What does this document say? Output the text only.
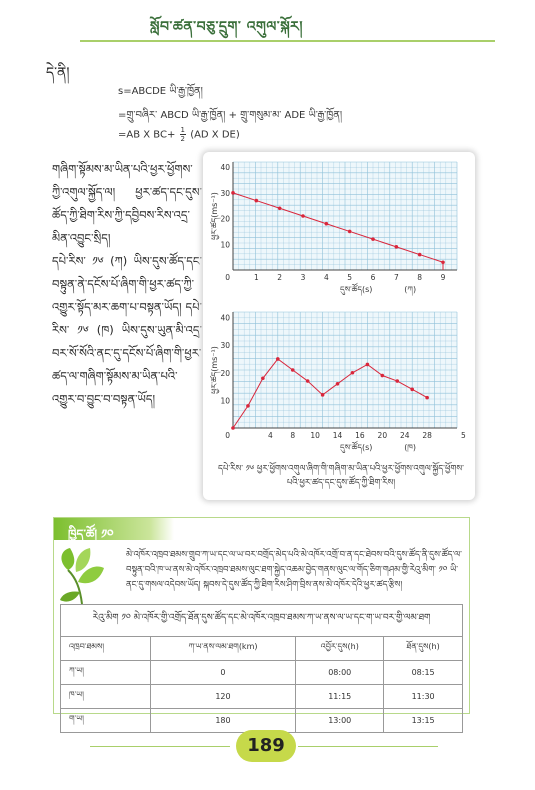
སློབ་ཚན་བཅུ་དྲུག་ འགུལ་སྐོར།
དེ་ནི།
s=ABCDE ཡི་རྒྱ་ཁྱོན།
=གྲུ་བཞིར་ ABCD ཡི་རྒྱ་ཁྱོན། + གྲུ་གསུམ་མ་ ADE ཡི་རྒྱ་ཁྱོན།
=AB X $BC+ \frac{1}{2} (AD$ X DE)

གཞིག་སྟོམས་མ་ཡིན་པའི་ཕྱར་ཕྱོགས་ཀྱི་འགུལ་སྐྱོད་ལ། ཕྱར་ཚད་དང་དུས་ཚོད་ཀྱི་ཐིག་རིས་ཀྱི་དབྱིབས་རིས་འདྲ་མིན་འབྱུང་སྲིད།

དཔེ་རིས་ ༡༦ (ཀ) ཡིས་དུས་ཚོད་དང་བསྟུན་ནེ་དངོས་པོ་ཞིག་གི་ཕྱར་ཚད་ཀྱི་འགྱུར་སྟོད་མར་ཆག་པ་བསྟན་ཡོད། དཔེ་རིས་ ༡༦ (ཁ) ཡིས་དུས་ཡུན་མི་འདྲ་བར་སོ་སོའི་ནང་དུ་དངོས་པོ་ཞིག་གི་ཕྱར་ཚད་ལ་གཞིག་སྟོམས་མ་ཡིན་པའི་འགྱུར་བ་བྱུང་བ་བསྟན་ཡོད།

10
20
30
40
1 2 3 4 5 6 7 8 9
0
དུས་ཚོད(s)	(ཀ)
ཕྱར་ཚད(ms⁻¹)
10
20
30
40
4 8 10 14 16 20 24 28	5
0
དུས་ཚོད(s)	(ཁ)
ཕྱར་ཚད(ms⁻¹)
དཔེ་རིས་ ༡༦ ཕྱར་ཕྱོགས་འགུལ་ཞིག་གི་གཞིག་མ་ཡིན་པའི་ཕྱར་ཕྱོགས་འགུལ་སྐྱོད་ཕྱོགས་པའི་ཕྱར་ཚད་དང་དུས་ཚོད་ཀྱི་ཐིག་རིས།
ཁྱིད་ཚོ། ༡༠
མེ་འཁོར་འཁྲབ་ཐམས་གྲུབ་ཀ་ཡ་དང་ལ་ཡ་བར་བགྲོད་མེད་པའི་མེ་འཁོར་འགྲོ་བ་ན་དང་ཐེབས་བའི་དུས་ཚོད་ནི་དུས་ཚོད་ལ་བསྟུན་བའི་ཁ་ཡ་ནས་མེ་འཁོར་འཁྲབ་ཐམས་ལུང་ཐག་སྐྱེད་འཆམ་བྱེད་གནས་ལུང་ལ་གོད་ཅིག་གཤམ་གྱི་རེའུ་མིག་ ༡༠ ཡི་ནང་དུ་གསལ་འདེབས་ཡོད། སྐབས་དེ་དུས་ཚོད་ཀྱི་ཐིག་རིས་ཤིག་བྲིས་ནས་མེ་འཁོར་དེའི་ཕྱར་ཚད་རྩིས།
རེའུ་མིག ༡༠ མེ་འཁོར་གྱི་འགྲོད་ཐོན་དུས་ཚོད་དང་མེ་འཁོར་འཁྲབ་ཐམས་ཀ་ཡ་ནས་ལ་ཡ་དང་ག་ཡ་བར་གྱི་ལམ་ཐག
འཁྲབ་ཐམས།	ཀ་ཡ་ནས་ལམ་ཐག(km)	འབྱོར་དུས(h)	ཐོན་དུས(h)
ཀ་ཡ།	0	08:00	08:15
ཁ་ཡ།	120	11:15	11:30
ག་ཡ།	180	13:00	13:15
189
